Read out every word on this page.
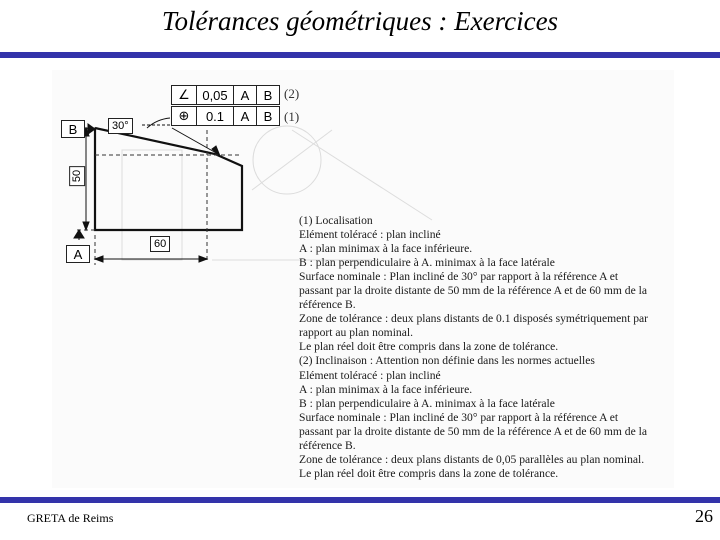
Tolérances géométriques : Exercices
30°
50
60
B
A
∠ 0,05	A	B (2)
⊕	0.1	A	B (1)
(1) Localisation
Elément toléracé : plan incliné
A : plan minimax à la face inférieure.
B : plan perpendiculaire à A. minimax à la face latérale
Surface nominale : Plan incliné de 30° par rapport à la référence A et
passant par la droite distante de 50 mm de la référence A et de 60 mm de la
référence B.
Zone de tolérance : deux plans distants de 0.1 disposés symétriquement par
rapport au plan nominal.
Le plan réel doit être compris dans la zone de tolérance.
(2) Inclinaison : Attention non définie dans les normes actuelles
Elément toléracé : plan incliné
A : plan minimax à la face inférieure.
B : plan perpendiculaire à A. minimax à la face latérale
Surface nominale : Plan incliné de 30° par rapport à la référence A et
passant par la droite distante de 50 mm de la référence A et de 60 mm de la
référence B.
Zone de tolérance : deux plans distants de 0,05 parallèles au plan nominal.
Le plan réel doit être compris dans la zone de tolérance.
GRETA de Reims	26
